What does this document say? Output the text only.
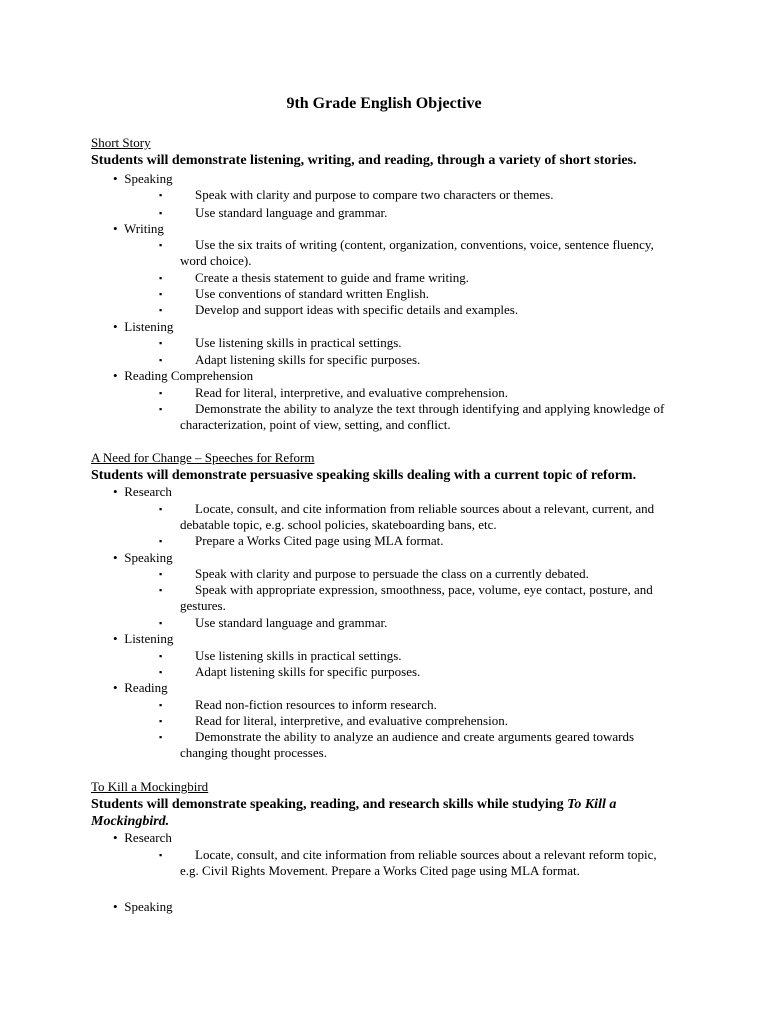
9th Grade English Objective
Short Story
Students will demonstrate listening, writing, and reading, through a variety of short stories.
• Speaking
▪	Speak with clarity and purpose to compare two characters or themes.
▪	Use standard language and grammar.
• Writing
▪	Use the six traits of writing (content, organization, conventions, voice, sentence fluency, word choice).
▪	Create a thesis statement to guide and frame writing.
▪	Use conventions of standard written English.
▪	Develop and support ideas with specific details and examples.
• Listening
▪	Use listening skills in practical settings.
▪	Adapt listening skills for specific purposes.
• Reading Comprehension
▪	Read for literal, interpretive, and evaluative comprehension.
▪	Demonstrate the ability to analyze the text through identifying and applying knowledge of characterization, point of view, setting, and conflict.
A Need for Change – Speeches for Reform
Students will demonstrate persuasive speaking skills dealing with a current topic of reform.
• Research
▪	Locate, consult, and cite information from reliable sources about a relevant, current, and debatable topic, e.g. school policies, skateboarding bans, etc.
▪	Prepare a Works Cited page using MLA format.
• Speaking
▪	Speak with clarity and purpose to persuade the class on a currently debated.
▪	Speak with appropriate expression, smoothness, pace, volume, eye contact, posture, and gestures.
▪	Use standard language and grammar.
• Listening
▪	Use listening skills in practical settings.
▪	Adapt listening skills for specific purposes.
• Reading
▪	Read non-fiction resources to inform research.
▪	Read for literal, interpretive, and evaluative comprehension.
▪	Demonstrate the ability to analyze an audience and create arguments geared towards changing thought processes.
To Kill a Mockingbird
Students will demonstrate speaking, reading, and research skills while studying To Kill a Mockingbird.
• Research
▪	Locate, consult, and cite information from reliable sources about a relevant reform topic, e.g. Civil Rights Movement. Prepare a Works Cited page using MLA format.
• Speaking
